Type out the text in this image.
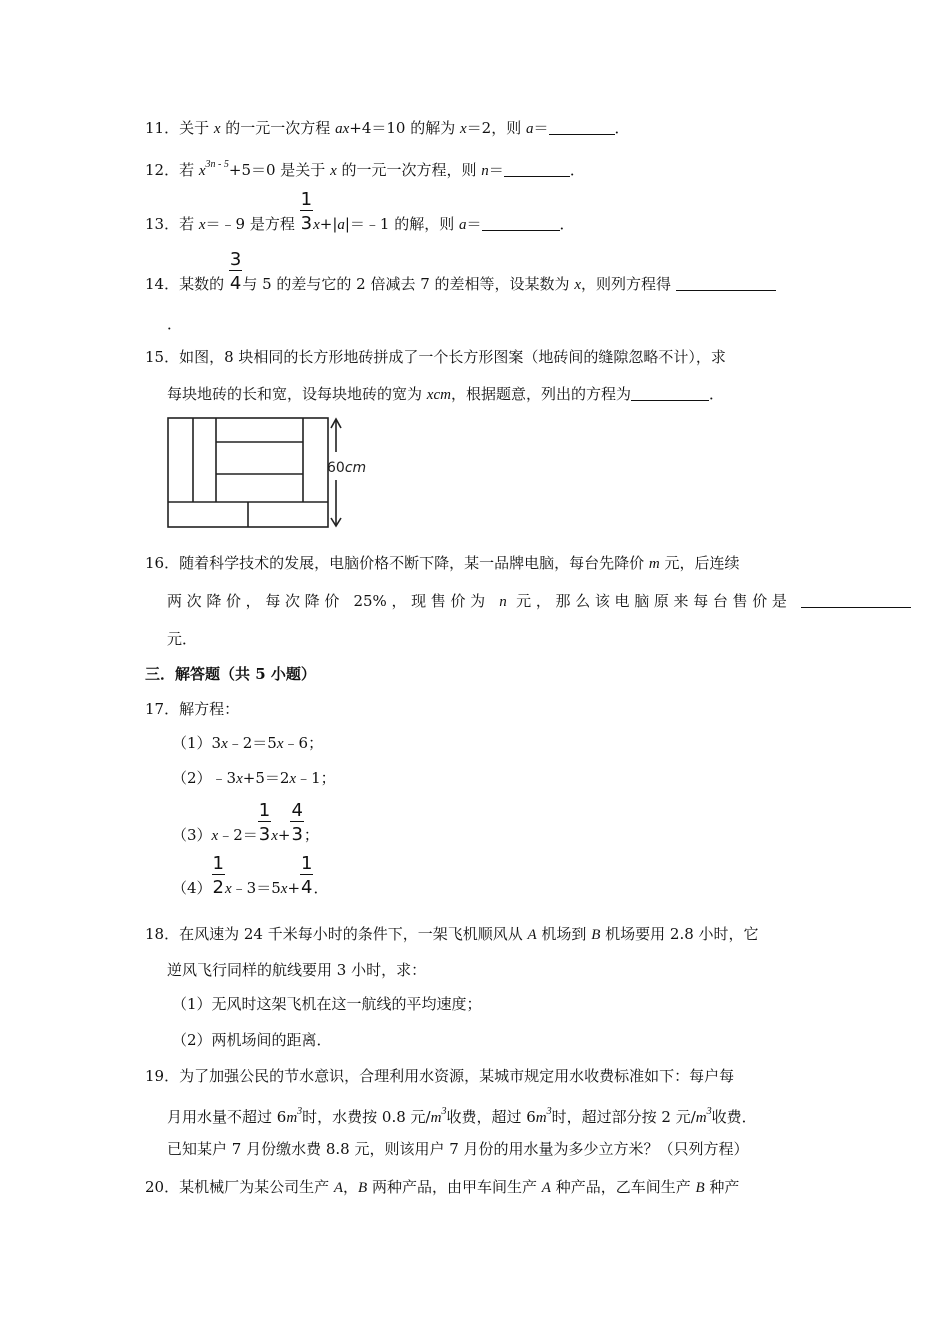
11．关于 x 的一元一次方程 ax+4＝10 的解为 x＝2，则 a＝	．
12．若 $x^{3n - 5}+5=0$ 是关于 x 的一元一次方程，则 n＝	．
13．若 x＝﹣9 是方程 $\frac{1}{3}x+|a|=﹣1$ 的解，则 a＝	．
14．某数的 $\frac{3}{4}$与 5 的差与它的 2 倍减去 7 的差相等，设某数为 x，则列方程得
．
15．如图，8 块相同的长方形地砖拼成了一个长方形图案（地砖间的缝隙忽略不计），求
每块地砖的长和宽，设每块地砖的宽为 xcm，根据题意，列出的方程为	．
60cm
16．随着科学技术的发展，电脑价格不断下降，某一品牌电脑，每台先降价 m 元，后连续
两次降价，每次降价 25%，现售价为 n 元，那么该电脑原来每台售价是
元．
三．解答题（共 5 小题）
17．解方程：
（1）3x﹣2＝5x﹣6；
（2）﹣3x+5＝2x﹣1；
（3）x﹣2＝ $\frac{1}{3}x+ \frac{4}{3}$；
$(4) \frac{1}{2}x﹣3=5x+ \frac{1}{4}$．
18．在风速为 24 千米每小时的条件下，一架飞机顺风从 A 机场到 B 机场要用 2.8 小时，它
逆风飞行同样的航线要用 3 小时，求：
（1）无风时这架飞机在这一航线的平均速度；
（2）两机场间的距离．
19．为了加强公民的节水意识，合理利用水资源，某城市规定用水收费标准如下：每户每
月用水量不超过 $6m^3$时，水费按 0.8 元$/m^3$收费，超过 $6m^3$时，超过部分按 2 元$/m^3$收费．
已知某户 7 月份缴水费 8.8 元，则该用户 7 月份的用水量为多少立方米？（只列方程）
20．某机械厂为某公司生产 A，B 两种产品，由甲车间生产 A 种产品，乙车间生产 B 种产
